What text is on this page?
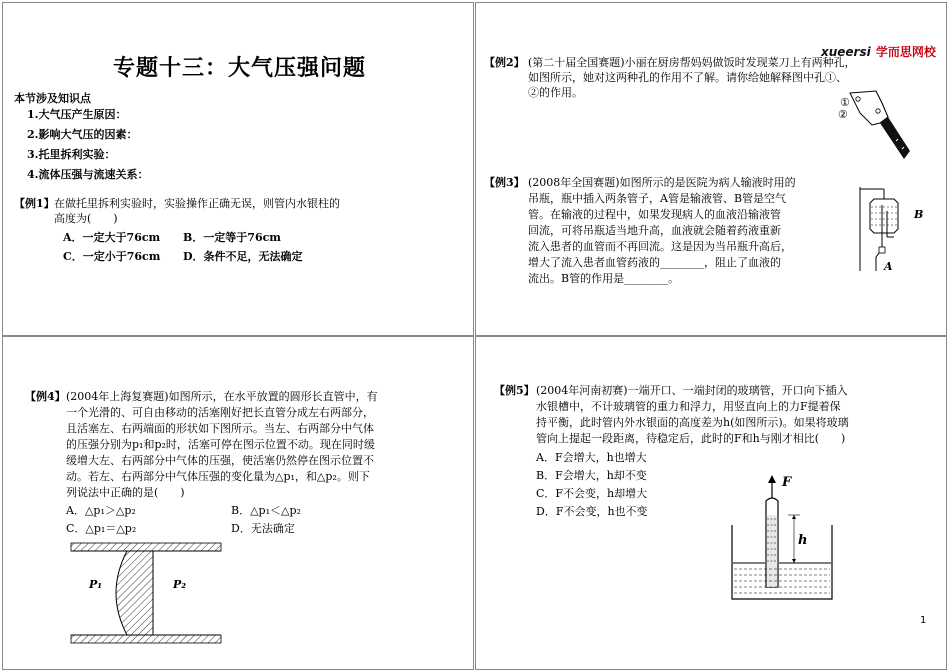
专题十三：大气压强问题
本节涉及知识点
1.大气压产生原因：
2.影响大气压的因素：
3.托里拆利实验：
4.流体压强与流速关系：
【例1】 在做托里拆利实验时，实验操作正确无误，则管内水银柱的
高度为(　　)
A．一定大于76cm B．一定等于76cm
C．一定小于76cm D．条件不足，无法确定
xueersi 学而思网校
【例2】 (第二十届全国赛题)小丽在厨房帮妈妈做饭时发现菜刀上有两种孔，
如图所示，她对这两种孔的作用不了解。请你给她解释图中孔①、
②的作用。
①
②
【例3】 (2008年全国赛题)如图所示的是医院为病人输液时用的
吊瓶，瓶中插入两条管子，A管是输液管、B管是空气
管。在输液的过程中，如果发现病人的血液沿输液管
回流，可将吊瓶适当地升高，血液就会随着药液重新
流入患者的血管而不再回流。这是因为当吊瓶升高后，
增大了流入患者血管药液的________，阻止了血液的
流出。B管的作用是________。
B
A
【例4】 (2004年上海复赛题)如图所示，在水平放置的圆形长直管中，有
一个光滑的、可自由移动的活塞刚好把长直管分成左右两部分，
且活塞左、右两端面的形状如下图所示。当左、右两部分中气体
的压强分别为p₁和p₂时，活塞可停在图示位置不动。现在同时缓
缓增大左、右两部分中气体的压强，使活塞仍然停在图示位置不
动。若左、右两部分中气体压强的变化量为△p₁，和△p₂。则下
列说法中正确的是(　　)
A．△p₁＞△p₂	B．△p₁＜△p₂
C．△p₁＝△p₂	D．无法确定
P₁	P₂
【例5】 (2004年河南初赛)一端开口、一端封闭的玻璃管，开口向下插入
水银槽中，不计玻璃管的重力和浮力，用竖直向上的力F提着保
持平衡，此时管内外水银面的高度差为h(如图所示)。如果将玻璃
管向上提起一段距离，待稳定后，此时的F和h与刚才相比(　　)
A．F会增大，h也增大
B．F会增大，h却不变
C．F不会变，h却增大
D．F不会变，h也不变
F
h
1
